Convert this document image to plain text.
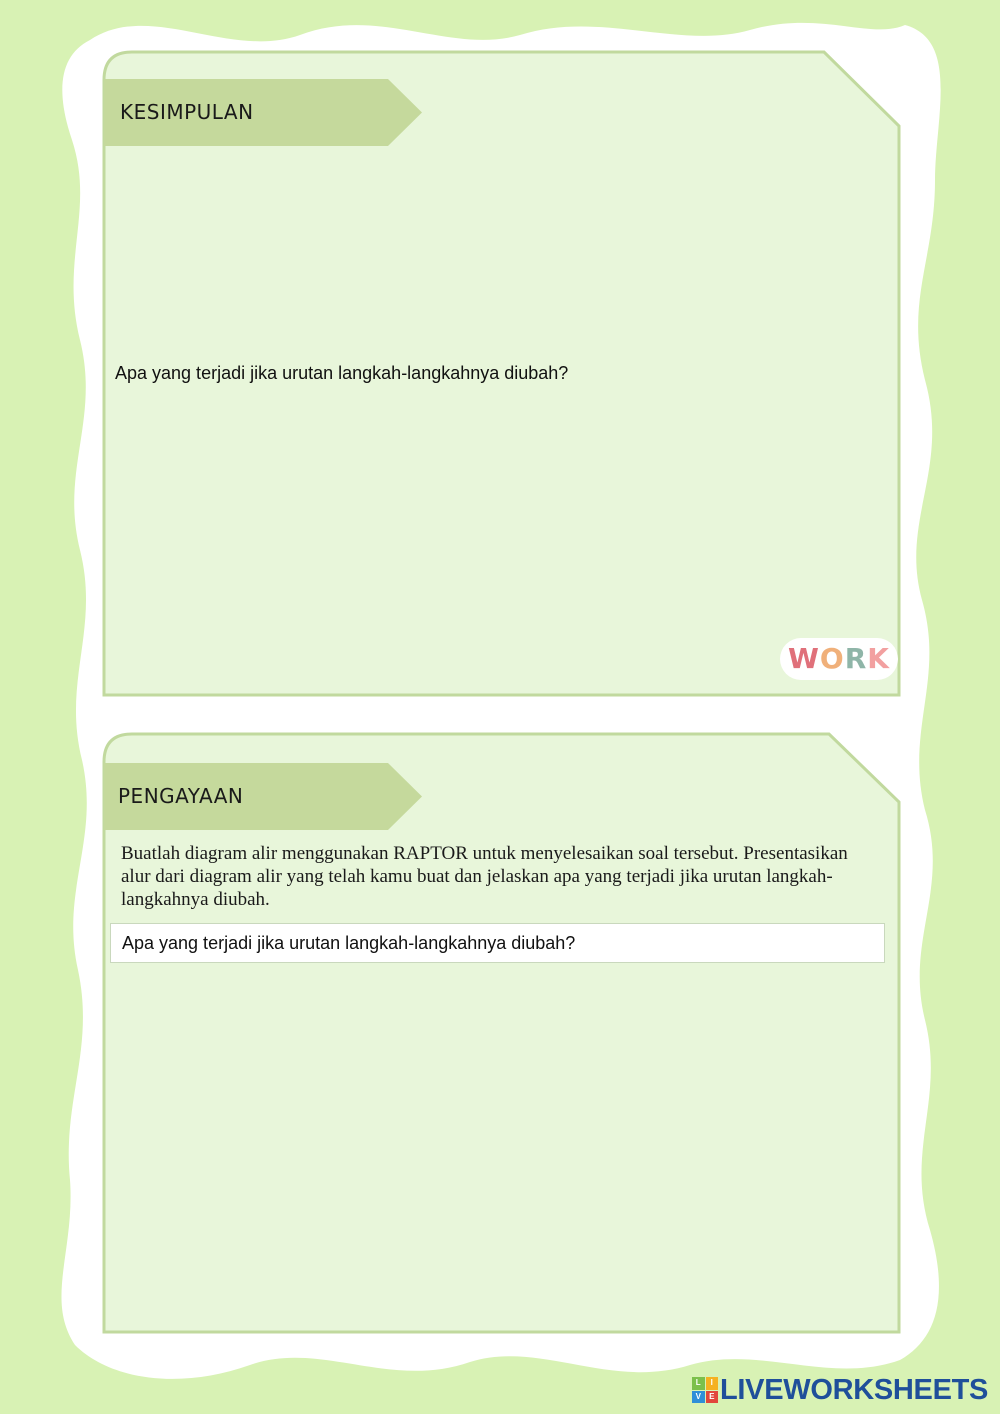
KESIMPULAN
Apa yang terjadi jika urutan langkah-langkahnya diubah?
WORK
PENGAYAAN
Buatlah diagram alir menggunakan RAPTOR untuk menyelesaikan soal tersebut. Presentasikan alur dari diagram alir yang telah kamu buat dan jelaskan apa yang terjadi jika urutan langkah-langkahnya diubah.
Apa yang terjadi jika urutan langkah-langkahnya diubah?
L	I
V	E LIVEWORKSHEETS
